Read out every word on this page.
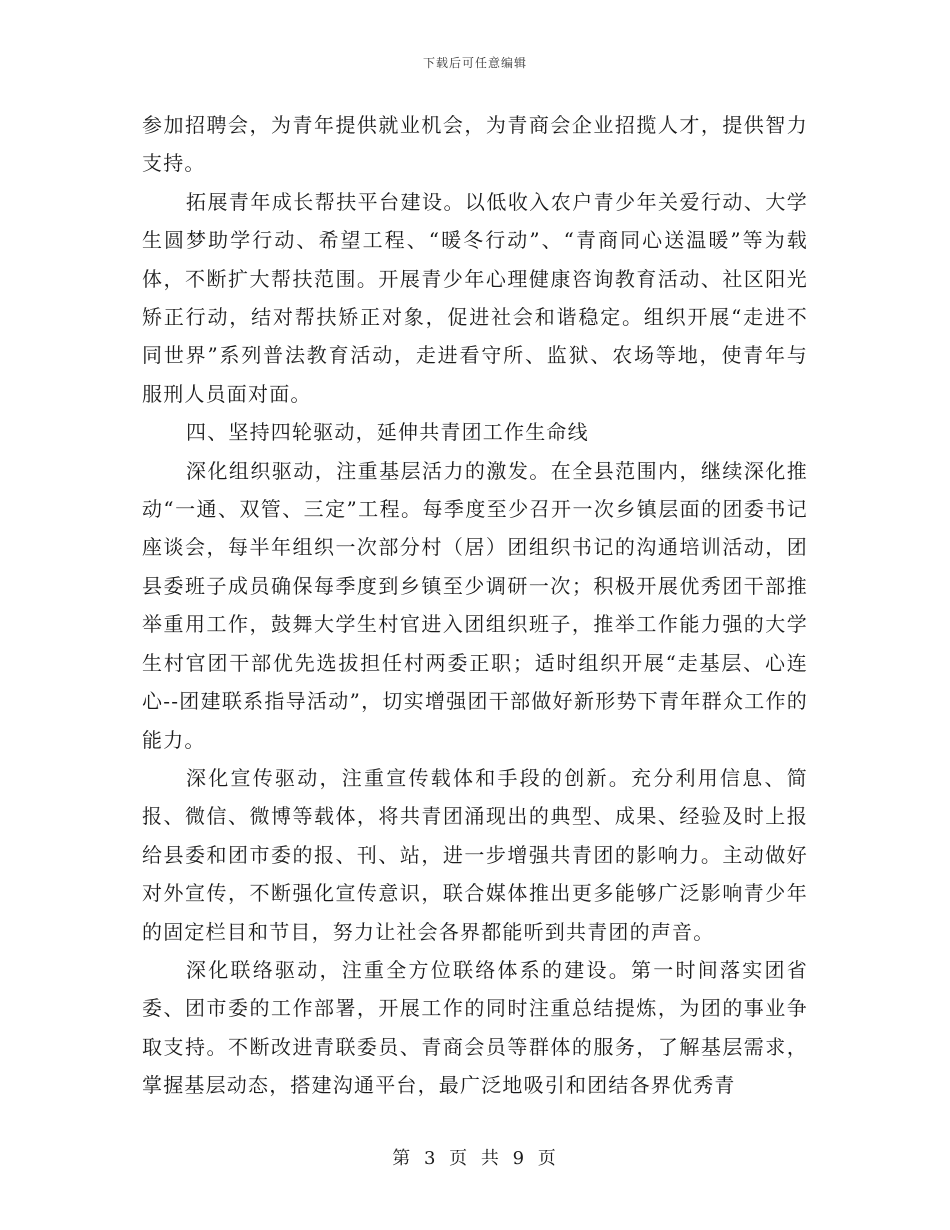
下载后可任意编辑

参加招聘会，为青年提供就业机会，为青商会企业招揽人才，提供智力支持。

拓展青年成长帮扶平台建设。以低收入农户青少年关爱行动、大学生圆梦助学行动、希望工程、“暖冬行动”、“青商同心送温暖”等为载体，不断扩大帮扶范围。开展青少年心理健康咨询教育活动、社区阳光矫正行动，结对帮扶矫正对象，促进社会和谐稳定。组织开展“走进不同世界”系列普法教育活动，走进看守所、监狱、农场等地，使青年与服刑人员面对面。

四、坚持四轮驱动，延伸共青团工作生命线

深化组织驱动，注重基层活力的激发。在全县范围内，继续深化推动“一通、双管、三定”工程。每季度至少召开一次乡镇层面的团委书记座谈会，每半年组织一次部分村（居）团组织书记的沟通培训活动，团县委班子成员确保每季度到乡镇至少调研一次；积极开展优秀团干部推举重用工作，鼓舞大学生村官进入团组织班子，推举工作能力强的大学生村官团干部优先选拔担任村两委正职；适时组织开展“走基层、心连心--团建联系指导活动”，切实增强团干部做好新形势下青年群众工作的能力。

深化宣传驱动，注重宣传载体和手段的创新。充分利用信息、简报、微信、微博等载体，将共青团涌现出的典型、成果、经验及时上报给县委和团市委的报、刊、站，进一步增强共青团的影响力。主动做好对外宣传，不断强化宣传意识，联合媒体推出更多能够广泛影响青少年的固定栏目和节目，努力让社会各界都能听到共青团的声音。

深化联络驱动，注重全方位联络体系的建设。第一时间落实团省委、团市委的工作部署，开展工作的同时注重总结提炼，为团的事业争取支持。不断改进青联委员、青商会员等群体的服务，了解基层需求，掌握基层动态，搭建沟通平台，最广泛地吸引和团结各界优秀青

第 3 页 共 9 页
